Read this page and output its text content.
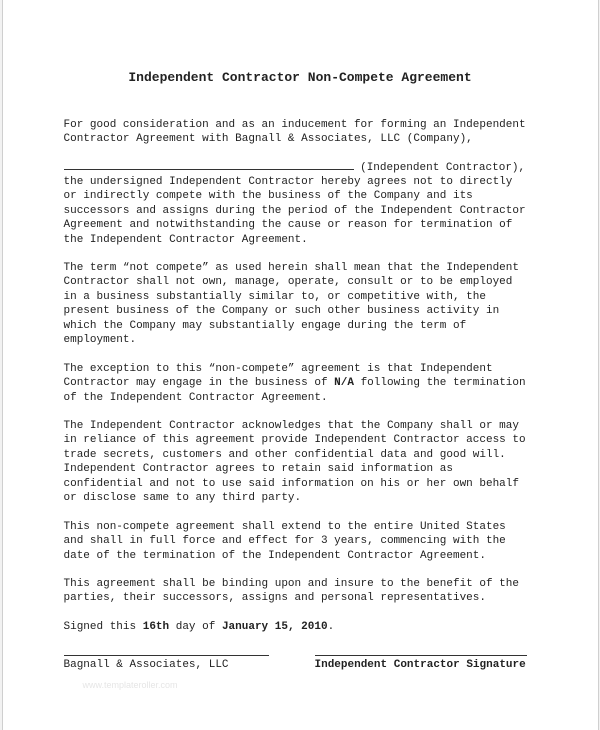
Independent Contractor Non-Compete Agreement
For good consideration and as an inducement for forming an Independent
Contractor Agreement with Bagnall & Associates, LLC (Company),
(Independent Contractor),
the undersigned Independent Contractor hereby agrees not to directly
or indirectly compete with the business of the Company and its
successors and assigns during the period of the Independent Contractor
Agreement and notwithstanding the cause or reason for termination of
the Independent Contractor Agreement.
The term “not compete” as used herein shall mean that the Independent
Contractor shall not own, manage, operate, consult or to be employed
in a business substantially similar to, or competitive with, the
present business of the Company or such other business activity in
which the Company may substantially engage during the term of
employment.
The exception to this “non-compete” agreement is that Independent
Contractor may engage in the business of N/A following the termination
of the Independent Contractor Agreement.
The Independent Contractor acknowledges that the Company shall or may
in reliance of this agreement provide Independent Contractor access to
trade secrets, customers and other confidential data and good will.
Independent Contractor agrees to retain said information as
confidential and not to use said information on his or her own behalf
or disclose same to any third party.
This non-compete agreement shall extend to the entire United States
and shall in full force and effect for 3 years, commencing with the
date of the termination of the Independent Contractor Agreement.
This agreement shall be binding upon and insure to the benefit of the
parties, their successors, assigns and personal representatives.
Signed this 16th day of January 15, 2010.
Bagnall & Associates, LLC	Independent Contractor Signature
www.templateroller.com
